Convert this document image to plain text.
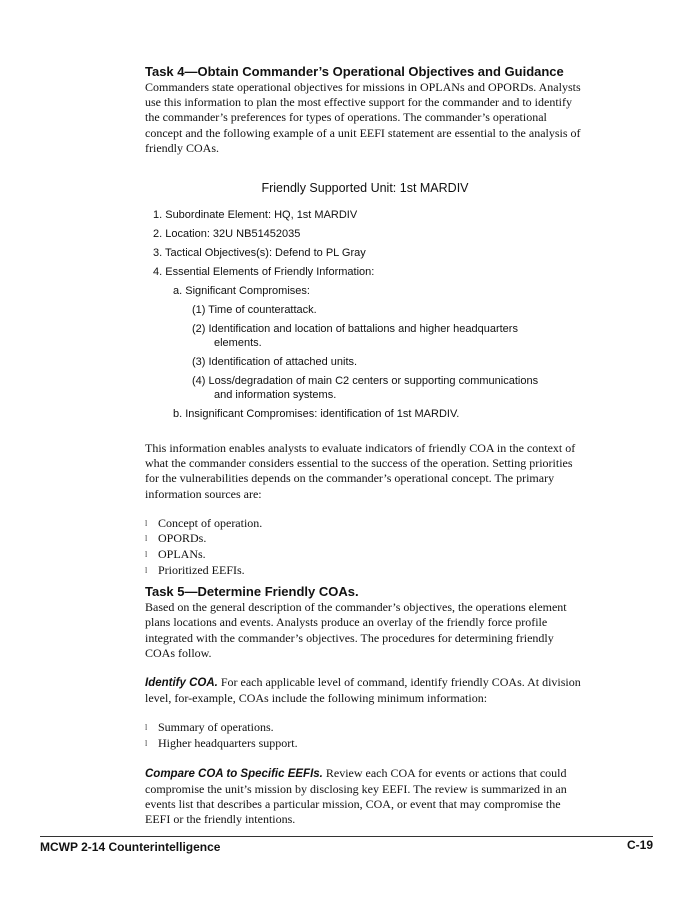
Task 4—Obtain Commander’s Operational Objectives and Guidance

Commanders state operational objectives for missions in OPLANs and OPORDs. Analysts use this information to plan the most effective support for the commander and to identify the commander’s preferences for types of operations. The commander’s operational concept and the following example of a unit EEFI statement are essential to the analysis of friendly COAs.

Friendly Supported Unit: 1st MARDIV
1. Subordinate Element: HQ, 1st MARDIV
2. Location: 32U NB51452035
3. Tactical Objectives(s): Defend to PL Gray
4. Essential Elements of Friendly Information:
a. Significant Compromises:
(1) Time of counterattack.
(2) Identification and location of battalions and higher headquarters
elements.
(3) Identification of attached units.
(4) Loss/degradation of main C2 centers or supporting communications
and information systems.
b. Insignificant Compromises: identification of 1st MARDIV.

This information enables analysts to evaluate indicators of friendly COA in the context of what the commander considers essential to the success of the operation. Setting priorities for the vulnerabilities depends on the commander’s operational concept. The primary information sources are:

l Concept of operation.
l OPORDs.
l OPLANs.
l Prioritized EEFIs.
Task 5—Determine Friendly COAs.

Based on the general description of the commander’s objectives, the operations element plans locations and events. Analysts produce an overlay of the friendly force profile integrated with the commander’s objectives. The procedures for determining friendly COAs follow.

Identify COA. For each applicable level of command, identify friendly COAs. At division level, for-example, COAs include the following minimum information:

l Summary of operations.
l Higher headquarters support.

Compare COA to Specific EEFIs. Review each COA for events or actions that could compromise the unit’s mission by disclosing key EEFI. The review is summarized in an events list that describes a particular mission, COA, or event that may compromise the EEFI or the friendly intentions.

MCWP 2-14 Counterintelligence	C-19
